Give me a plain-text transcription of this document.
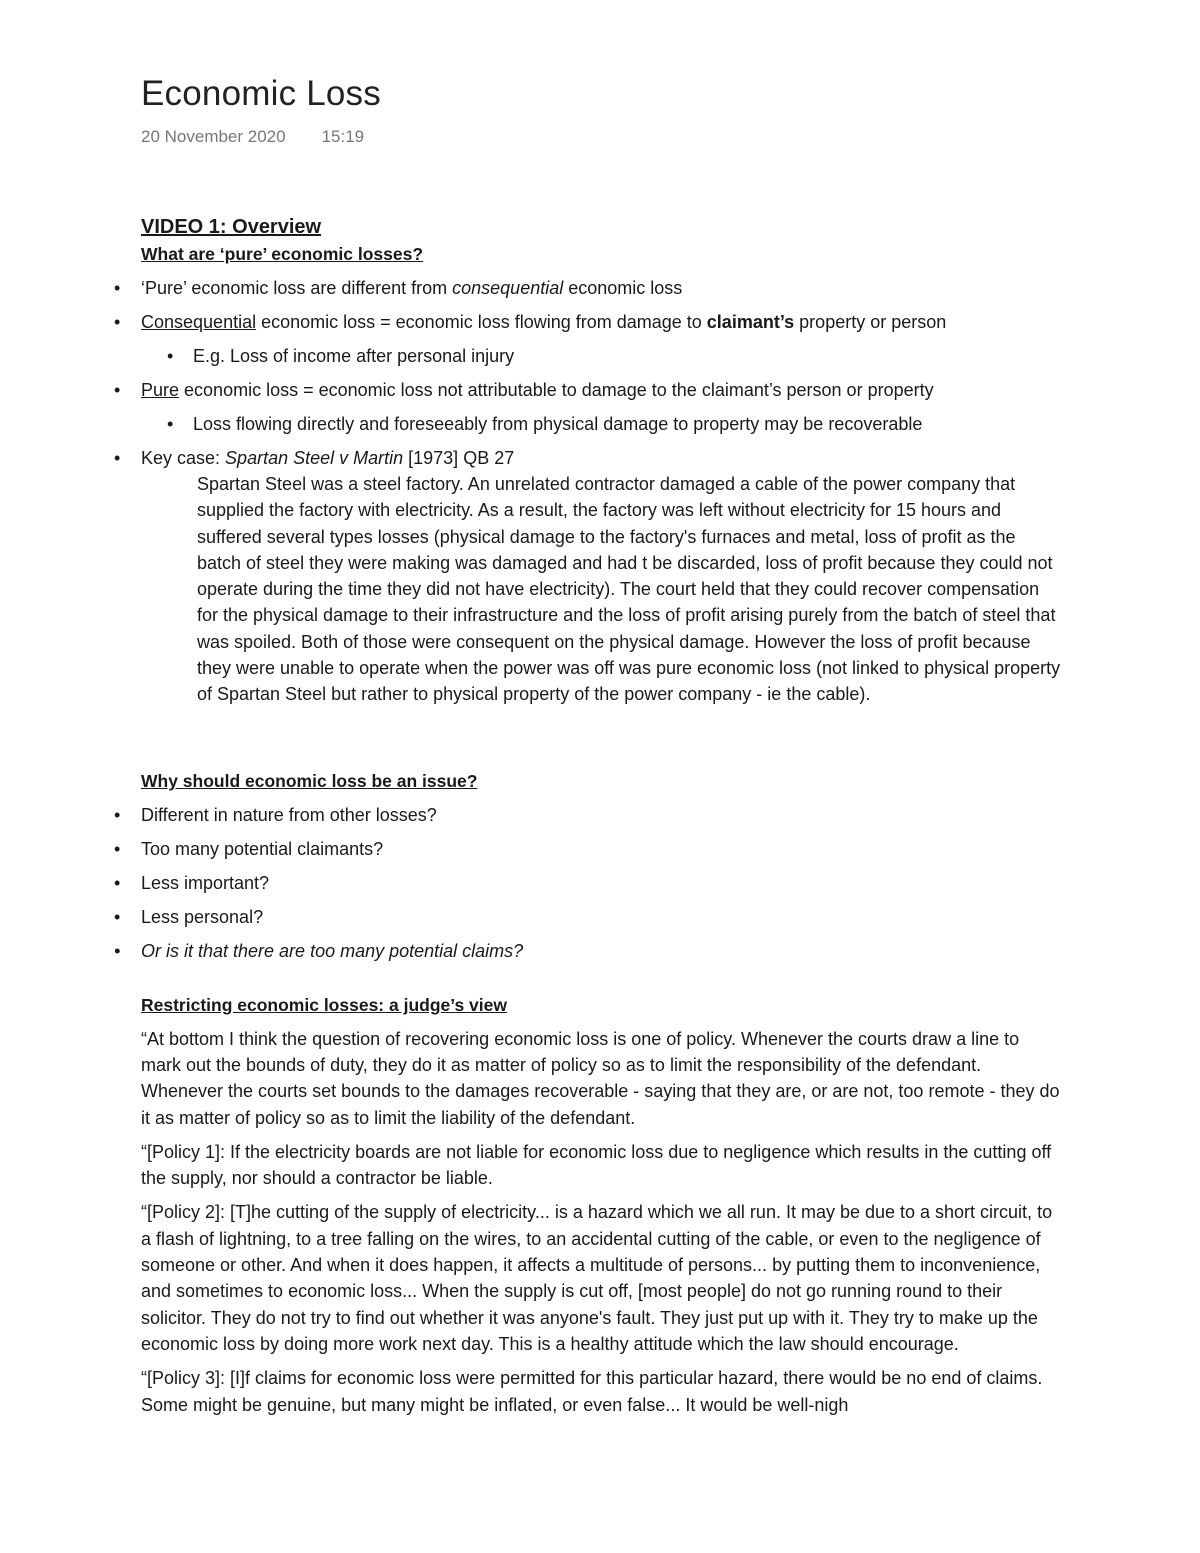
Economic Loss
20 November 2020 15:19
VIDEO 1: Overview
What are ‘pure’ economic losses?
• ‘Pure’ economic loss are different from consequential economic loss
• Consequential economic loss = economic loss flowing from damage to claimant’s property or person
• E.g. Loss of income after personal injury
• Pure economic loss = economic loss not attributable to damage to the claimant’s person or property
• Loss flowing directly and foreseeably from physical damage to property may be recoverable
• Key case: Spartan Steel v Martin [1973] QB 27
Spartan Steel was a steel factory. An unrelated contractor damaged a cable of the power company that supplied the factory with electricity. As a result, the factory was left without electricity for 15 hours and suffered several types losses (physical damage to the factory's furnaces and metal, loss of profit as the batch of steel they were making was damaged and had t be discarded, loss of profit because they could not operate during the time they did not have electricity). The court held that they could recover compensation for the physical damage to their infrastructure and the loss of profit arising purely from the batch of steel that was spoiled. Both of those were consequent on the physical damage. However the loss of profit because they were unable to operate when the power was off was pure economic loss (not linked to physical property of Spartan Steel but rather to physical property of the power company - ie the cable).
Why should economic loss be an issue?
• Different in nature from other losses?
• Too many potential claimants?
• Less important?
• Less personal?
• Or is it that there are too many potential claims?
Restricting economic losses: a judge’s view

“At bottom I think the question of recovering economic loss is one of policy. Whenever the courts draw a line to mark out the bounds of duty, they do it as matter of policy so as to limit the responsibility of the defendant. Whenever the courts set bounds to the damages recoverable - saying that they are, or are not, too remote - they do it as matter of policy so as to limit the liability of the defendant.

“[Policy 1]: If the electricity boards are not liable for economic loss due to negligence which results in the cutting off the supply, nor should a contractor be liable.

“[Policy 2]: [T]he cutting of the supply of electricity... is a hazard which we all run. It may be due to a short circuit, to a flash of lightning, to a tree falling on the wires, to an accidental cutting of the cable, or even to the negligence of someone or other. And when it does happen, it affects a multitude of persons... by putting them to inconvenience, and sometimes to economic loss... When the supply is cut off, [most people] do not go running round to their solicitor. They do not try to find out whether it was anyone's fault. They just put up with it. They try to make up the economic loss by doing more work next day. This is a healthy attitude which the law should encourage.

“[Policy 3]: [I]f claims for economic loss were permitted for this particular hazard, there would be no end of claims. Some might be genuine, but many might be inflated, or even false... It would be well-nigh
